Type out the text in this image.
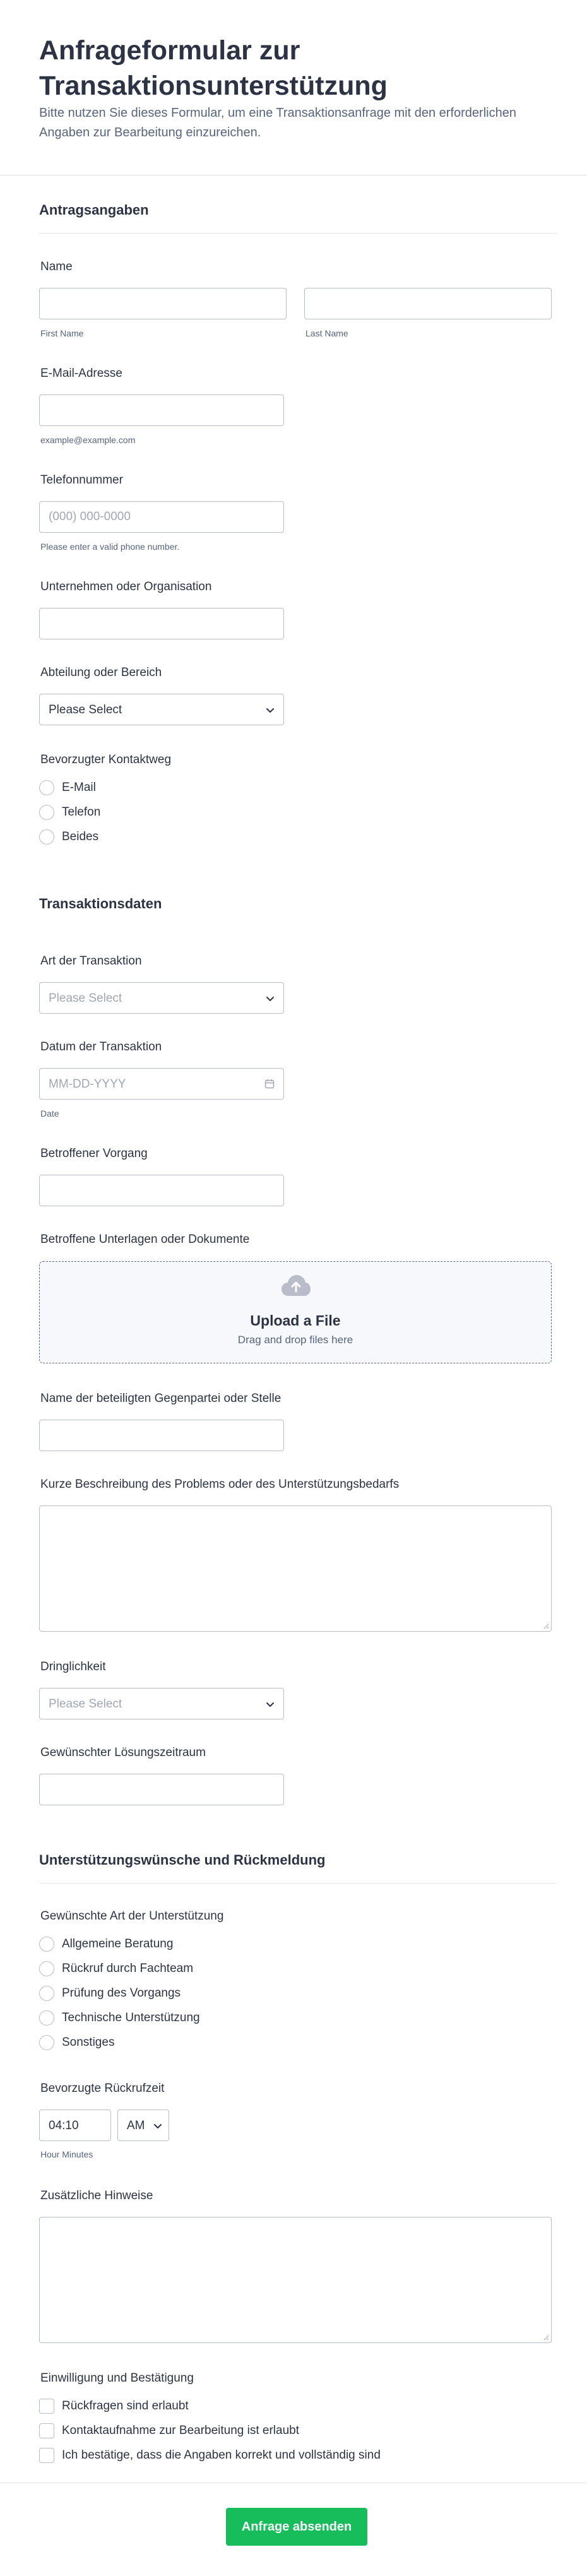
Anfrageformular zur Transaktionsunterstützung
Bitte nutzen Sie dieses Formular, um eine Transaktionsanfrage mit den erforderlichen Angaben zur Bearbeitung einzureichen.
Antragsangaben
Name
First Name	Last Name
E-Mail-Adresse
example@example.com
Telefonnummer
(000) 000-0000
Please enter a valid phone number.
Unternehmen oder Organisation
Abteilung oder Bereich
Please Select
Bevorzugter Kontaktweg
E-Mail
Telefon
Beides
Transaktionsdaten
Art der Transaktion
Please Select
Datum der Transaktion
MM-DD-YYYY
Date
Betroffener Vorgang
Betroffene Unterlagen oder Dokumente
Upload a File
Drag and drop files here
Name der beteiligten Gegenpartei oder Stelle
Kurze Beschreibung des Problems oder des Unterstützungsbedarfs
Dringlichkeit
Please Select
Gewünschter Lösungszeitraum
Unterstützungswünsche und Rückmeldung
Gewünschte Art der Unterstützung
Allgemeine Beratung
Rückruf durch Fachteam
Prüfung des Vorgangs
Technische Unterstützung
Sonstiges
Bevorzugte Rückrufzeit
04:10	AM
Hour Minutes
Zusätzliche Hinweise
Einwilligung und Bestätigung
Rückfragen sind erlaubt
Kontaktaufnahme zur Bearbeitung ist erlaubt
Ich bestätige, dass die Angaben korrekt und vollständig sind
Anfrage absenden
